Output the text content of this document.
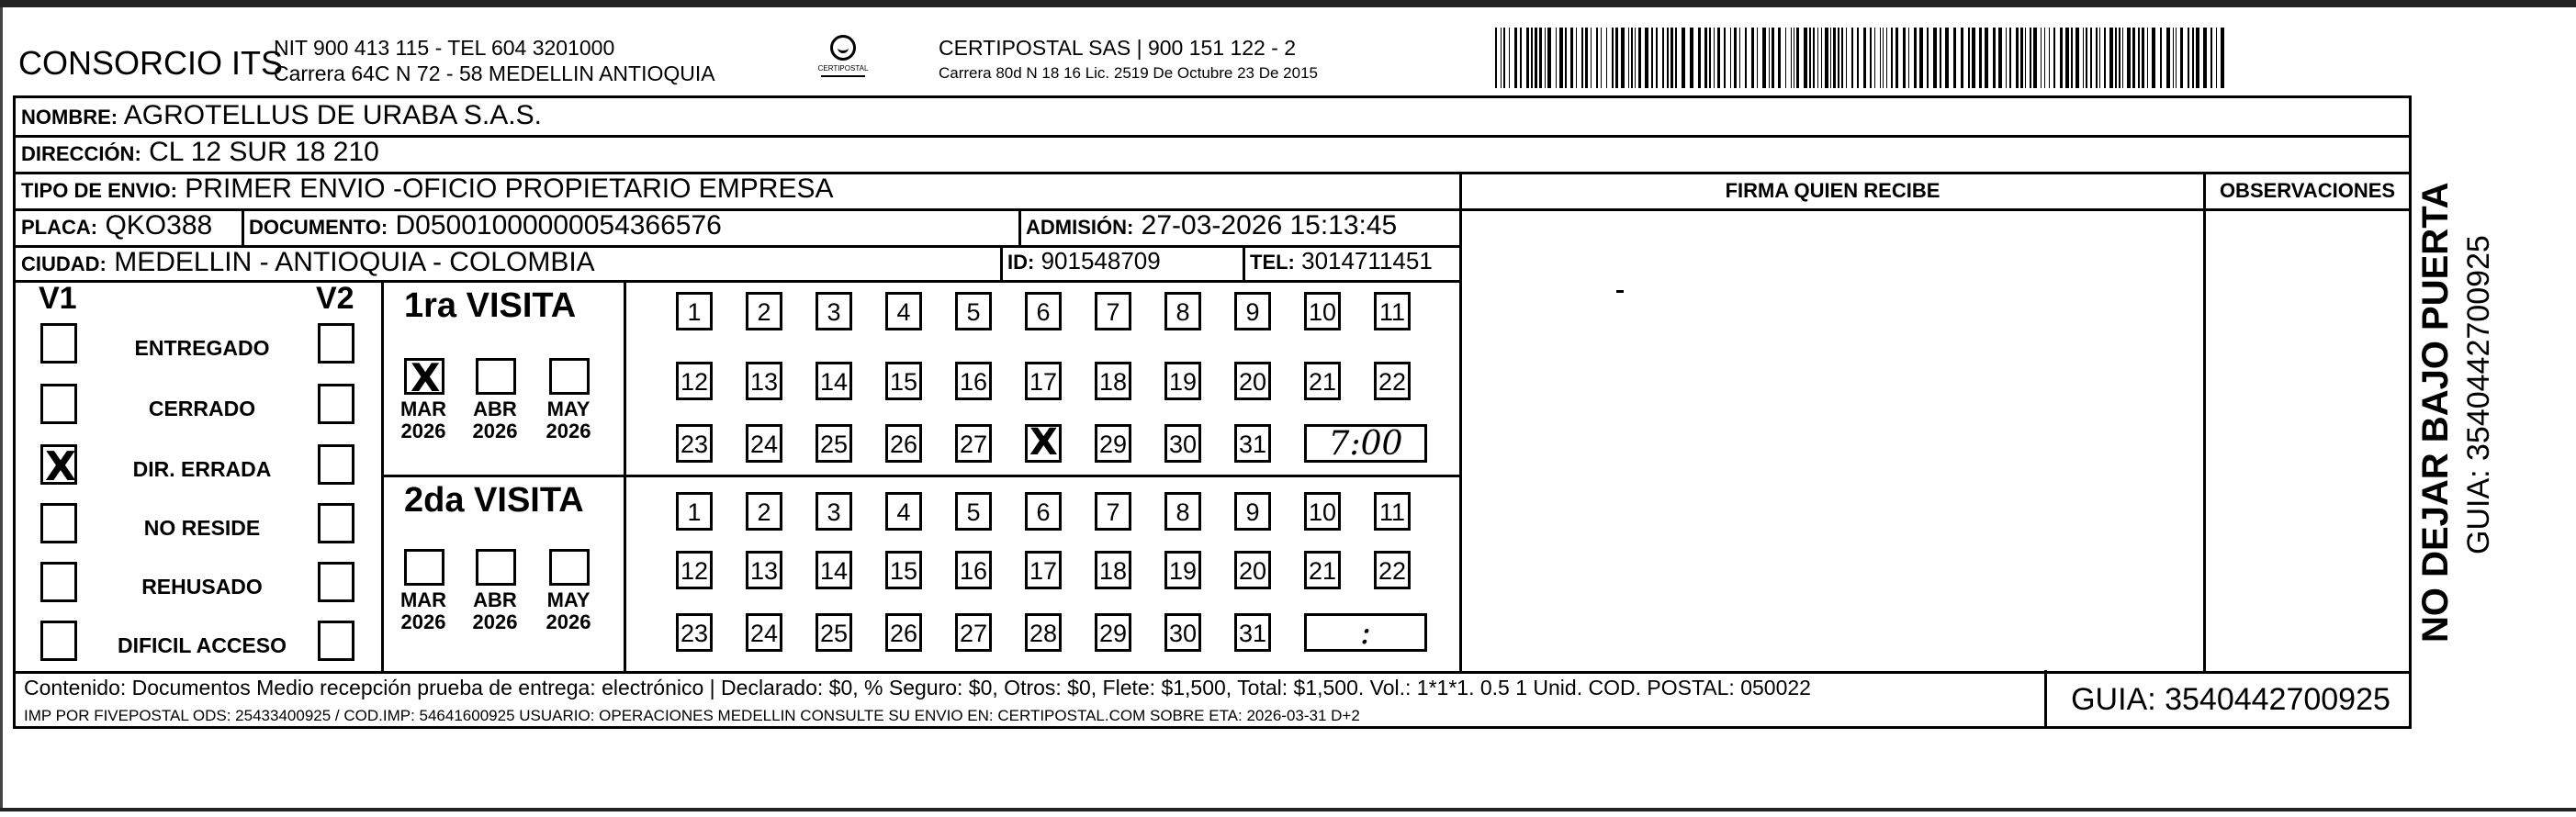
CONSORCIO ITS
NIT 900 413 115 - TEL 604 3201000
Carrera 64C N 72 - 58 MEDELLIN ANTIOQUIA	CERTIPOSTAL
CERTIPOSTAL SAS | 900 151 122 - 2
Carrera 80d N 18 16 Lic. 2519 De Octubre 23 De 2015
NOMBRE: AGROTELLUS DE URABA S.A.S.
DIRECCIÓN: CL 12 SUR 18 210
TIPO DE ENVIO: PRIMER ENVIO -OFICIO PROPIETARIO EMPRESA
PLACA: QKO388 DOCUMENTO: D05001000000054366576	ADMISIÓN: 27-03-2026 15:13:45
CIUDAD: MEDELLIN - ANTIOQUIA - COLOMBIA	ID: 901548709	TEL: 3014711451
FIRMA QUIEN RECIBE	OBSERVACIONES
V1	V2
ENTREGADO
CERRADO
X
DIR. ERRADA
NO RESIDE
REHUSADO
DIFICIL ACCESO
1ra VISITA
2da VISITA
X
MAR
2026
ABR
2026
MAY
2026
MAR
2026
ABR
2026
MAY
2026
1	2	3	4	5	6	7	8	9	10 11
12 13 14 15 16 17 18 19 20 21 22
23 24 25 26 27
X	29 30 31	7:00
1	2	3	4	5	6	7	8	9	10 11
12 13 14 15 16 17 18 19 20 21 22
23 24 25 26 27 28 29 30 31	:
Contenido: Documentos Medio recepción prueba de entrega: electrónico | Declarado: $0, % Seguro: $0, Otros: $0, Flete: $1,500, Total: $1,500. Vol.: 1*1*1. 0.5 1 Unid. COD. POSTAL: 050022
IMP POR FIVEPOSTAL ODS: 25433400925 / COD.IMP: 54641600925 USUARIO: OPERACIONES MEDELLIN CONSULTE SU ENVIO EN: CERTIPOSTAL.COM SOBRE ETA: 2026-03-31 D+2	GUIA: 3540442700925
NO DEJAR BAJO PUERTA GUIA: 3540442700925
